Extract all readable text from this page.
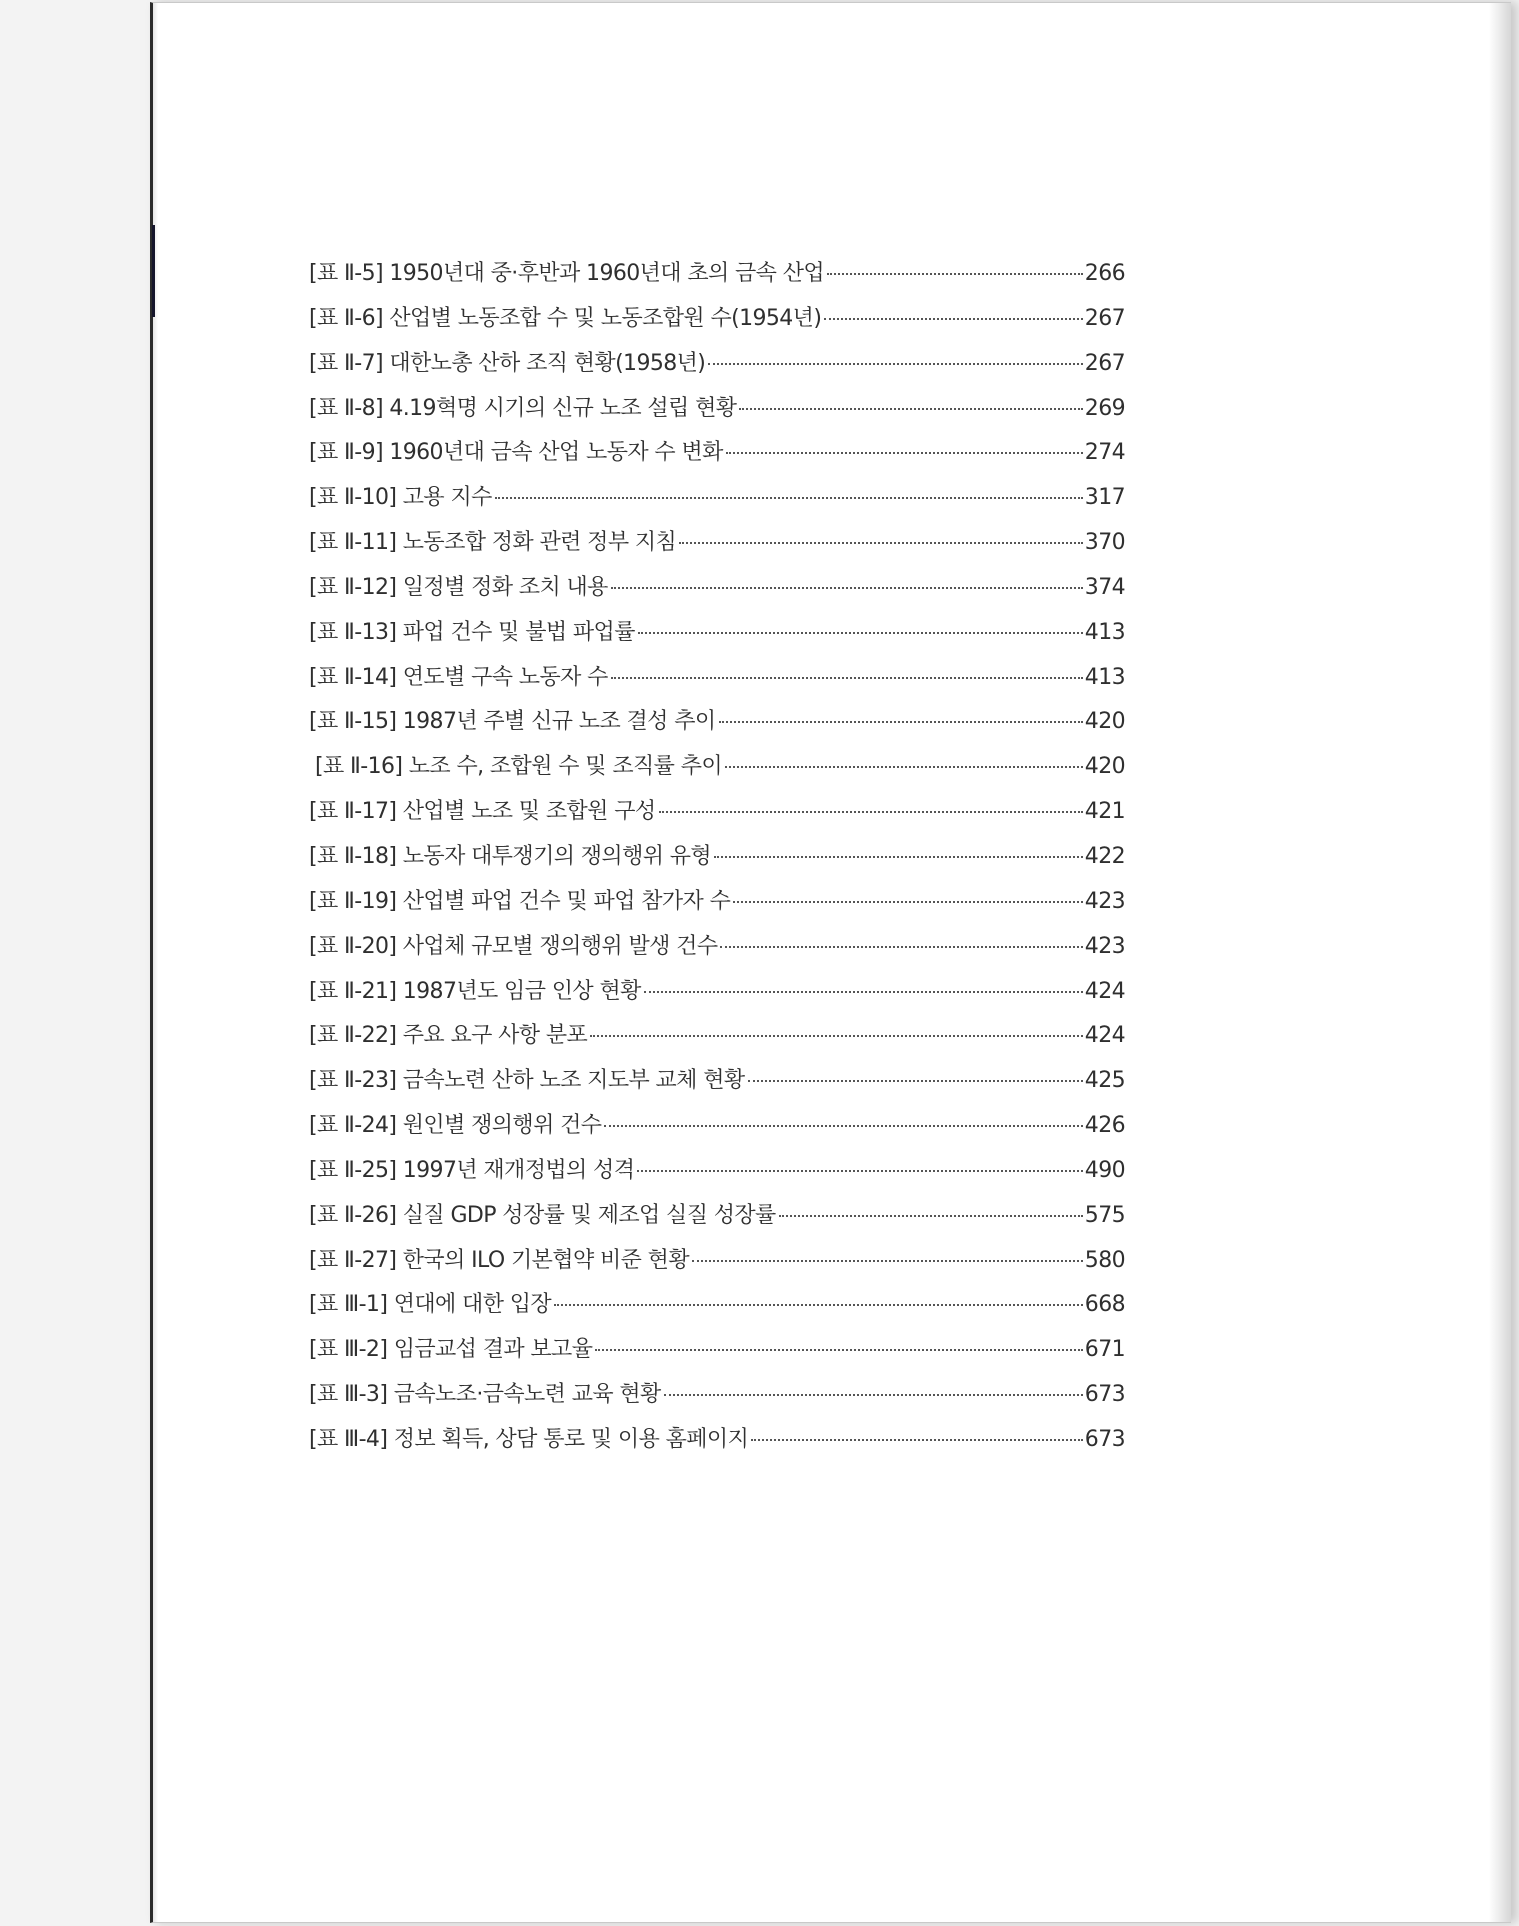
[표 Ⅱ-5] 1950년대 중·후반과 1960년대 초의 금속 산업	266
[표 Ⅱ-6] 산업별 노동조합 수 및 노동조합원 수(1954년)	267
[표 Ⅱ-7] 대한노총 산하 조직 현황(1958년)	267
[표 Ⅱ-8] 4.19혁명 시기의 신규 노조 설립 현황	269
[표 Ⅱ-9] 1960년대 금속 산업 노동자 수 변화	274
[표 Ⅱ-10] 고용 지수	317
[표 Ⅱ-11] 노동조합 정화 관련 정부 지침	370
[표 Ⅱ-12] 일정별 정화 조치 내용	374
[표 Ⅱ-13] 파업 건수 및 불법 파업률	413
[표 Ⅱ-14] 연도별 구속 노동자 수	413
[표 Ⅱ-15] 1987년 주별 신규 노조 결성 추이	420
[표 Ⅱ-16] 노조 수, 조합원 수 및 조직률 추이	420
[표 Ⅱ-17] 산업별 노조 및 조합원 구성	421
[표 Ⅱ-18] 노동자 대투쟁기의 쟁의행위 유형	422
[표 Ⅱ-19] 산업별 파업 건수 및 파업 참가자 수	423
[표 Ⅱ-20] 사업체 규모별 쟁의행위 발생 건수	423
[표 Ⅱ-21] 1987년도 임금 인상 현황	424
[표 Ⅱ-22] 주요 요구 사항 분포	424
[표 Ⅱ-23] 금속노련 산하 노조 지도부 교체 현황	425
[표 Ⅱ-24] 원인별 쟁의행위 건수	426
[표 Ⅱ-25] 1997년 재개정법의 성격	490
[표 Ⅱ-26] 실질 GDP 성장률 및 제조업 실질 성장률	575
[표 Ⅱ-27] 한국의 ILO 기본협약 비준 현황	580
[표 Ⅲ-1] 연대에 대한 입장	668
[표 Ⅲ-2] 임금교섭 결과 보고율	671
[표 Ⅲ-3] 금속노조·금속노련 교육 현황	673
[표 Ⅲ-4] 정보 획득, 상담 통로 및 이용 홈페이지	673
